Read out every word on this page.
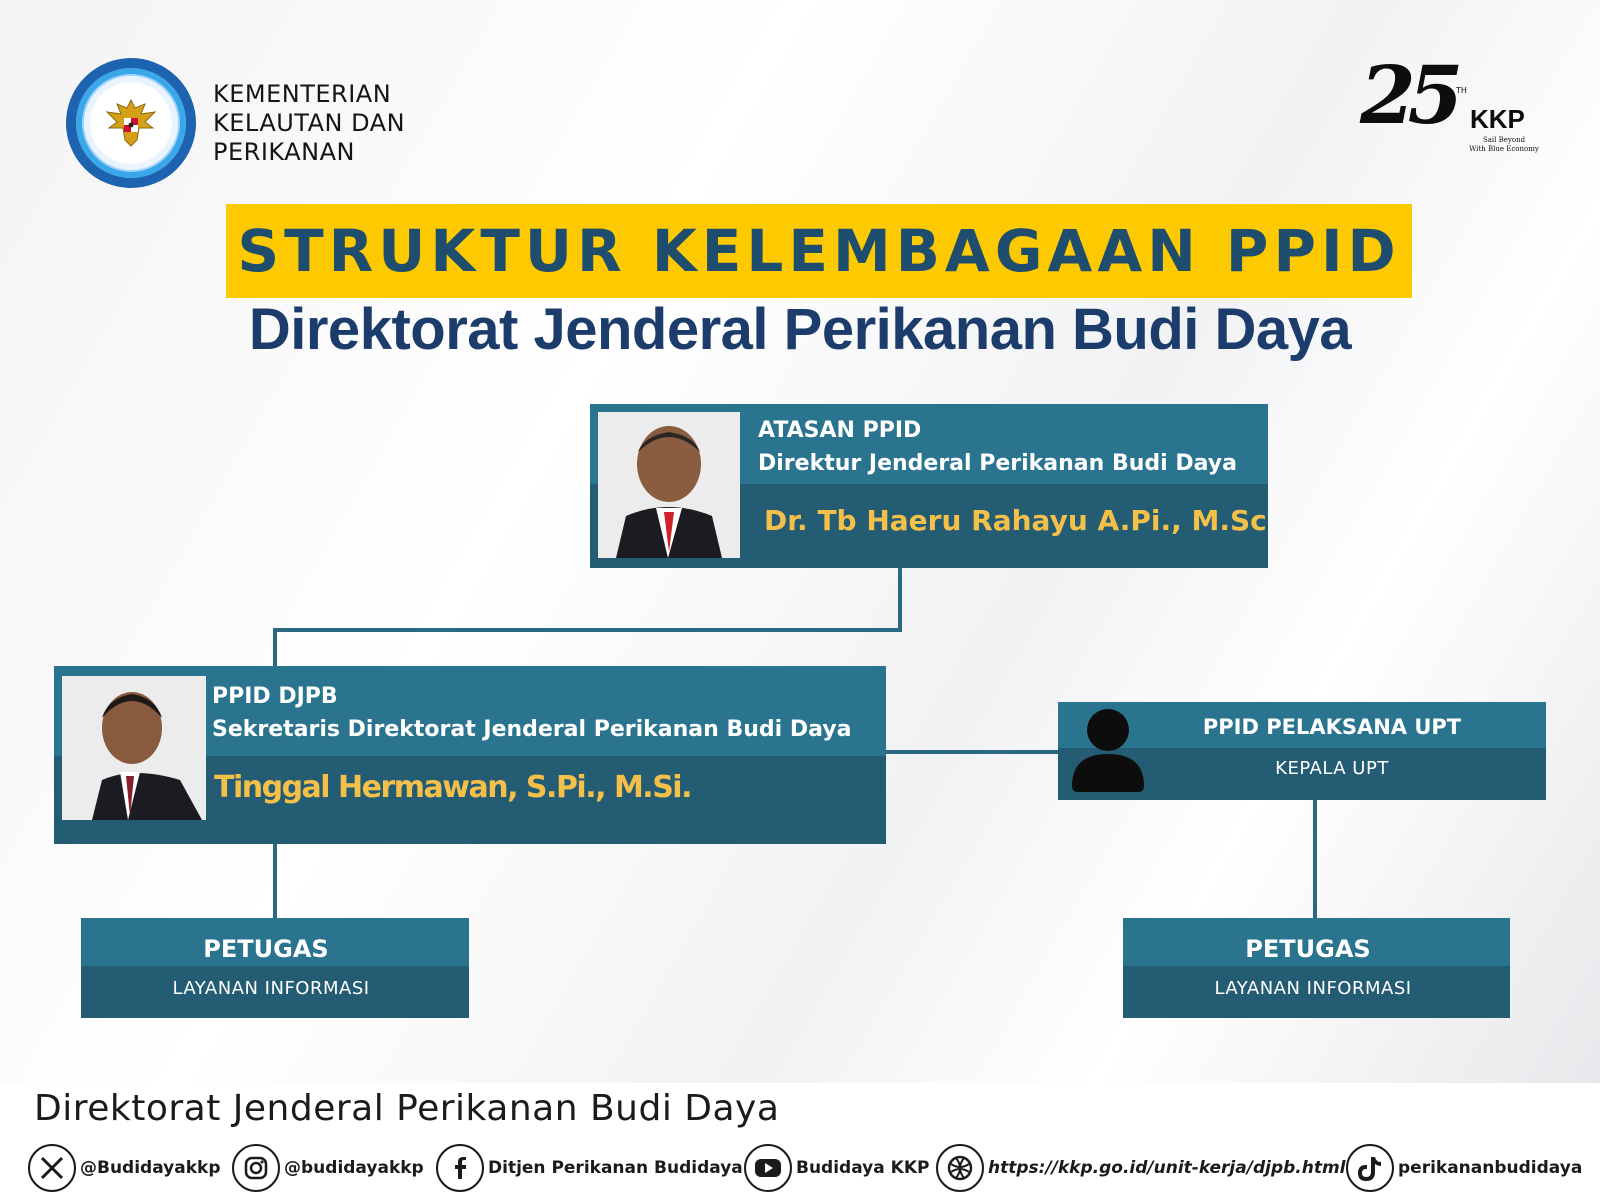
KEMENTERIAN
KELAUTAN DAN
PERIKANAN
25 TH
KKP
Sail Beyond
With Blue Economy
STRUKTUR KELEMBAGAAN PPID
Direktorat Jenderal Perikanan Budi Daya
ATASAN PPID
Direktur Jenderal Perikanan Budi Daya
Dr. Tb Haeru Rahayu A.Pi., M.Sc
PPID DJPB
Sekretaris Direktorat Jenderal Perikanan Budi Daya
Tinggal Hermawan, S.Pi., M.Si.
PPID PELAKSANA UPT
KEPALA UPT
PETUGAS
LAYANAN INFORMASI
PETUGAS
LAYANAN INFORMASI
Direktorat Jenderal Perikanan Budi Daya
@Budidayakkp	@budidayakkp	Ditjen Perikanan Budidaya	Budidaya KKP	https://kkp.go.id/unit-kerja/djpb.html	perikananbudidaya
